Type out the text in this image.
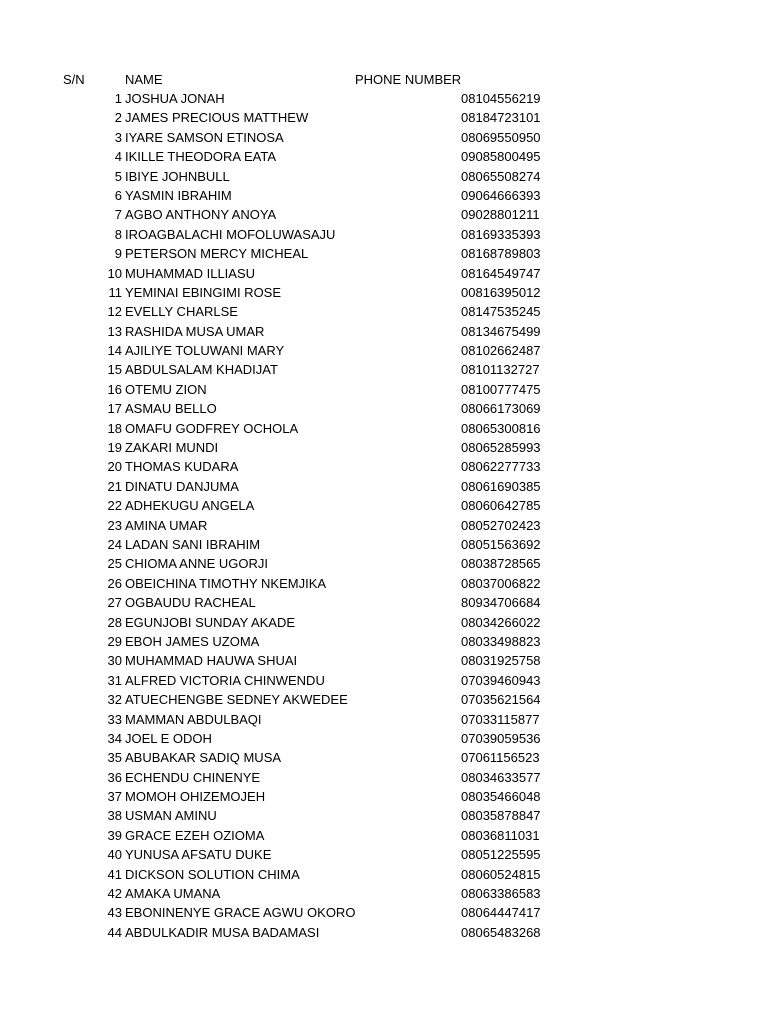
S/N	NAME	PHONE NUMBER
1 JOSHUA JONAH	08104556219
2 JAMES PRECIOUS MATTHEW	08184723101
3 IYARE SAMSON ETINOSA	08069550950
4 IKILLE THEODORA EATA	09085800495
5 IBIYE JOHNBULL	08065508274
6 YASMIN IBRAHIM	09064666393
7 AGBO ANTHONY ANOYA	09028801211
8 IROAGBALACHI MOFOLUWASAJU	08169335393
9 PETERSON MERCY MICHEAL	08168789803
10 MUHAMMAD ILLIASU	08164549747
11 YEMINAI EBINGIMI ROSE	00816395012
12 EVELLY CHARLSE	08147535245
13 RASHIDA MUSA UMAR	08134675499
14 AJILIYE TOLUWANI MARY	08102662487
15 ABDULSALAM KHADIJAT	08101132727
16 OTEMU ZION	08100777475
17 ASMAU BELLO	08066173069
18 OMAFU GODFREY OCHOLA	08065300816
19 ZAKARI MUNDI	08065285993
20 THOMAS KUDARA	08062277733
21 DINATU DANJUMA	08061690385
22 ADHEKUGU ANGELA	08060642785
23 AMINA UMAR	08052702423
24 LADAN SANI IBRAHIM	08051563692
25 CHIOMA ANNE UGORJI	08038728565
26 OBEICHINA TIMOTHY NKEMJIKA	08037006822
27 OGBAUDU RACHEAL	80934706684
28 EGUNJOBI SUNDAY AKADE	08034266022
29 EBOH JAMES UZOMA	08033498823
30 MUHAMMAD HAUWA SHUAI	08031925758
31 ALFRED VICTORIA CHINWENDU	07039460943
32 ATUECHENGBE SEDNEY AKWEDEE	07035621564
33 MAMMAN ABDULBAQI	07033115877
34 JOEL E ODOH	07039059536
35 ABUBAKAR SADIQ MUSA	07061156523
36 ECHENDU CHINENYE	08034633577
37 MOMOH OHIZEMOJEH	08035466048
38 USMAN AMINU	08035878847
39 GRACE EZEH OZIOMA	08036811031
40 YUNUSA AFSATU DUKE	08051225595
41 DICKSON SOLUTION CHIMA	08060524815
42 AMAKA UMANA	08063386583
43 EBONINENYE GRACE AGWU OKORO	08064447417
44 ABDULKADIR MUSA BADAMASI	08065483268
